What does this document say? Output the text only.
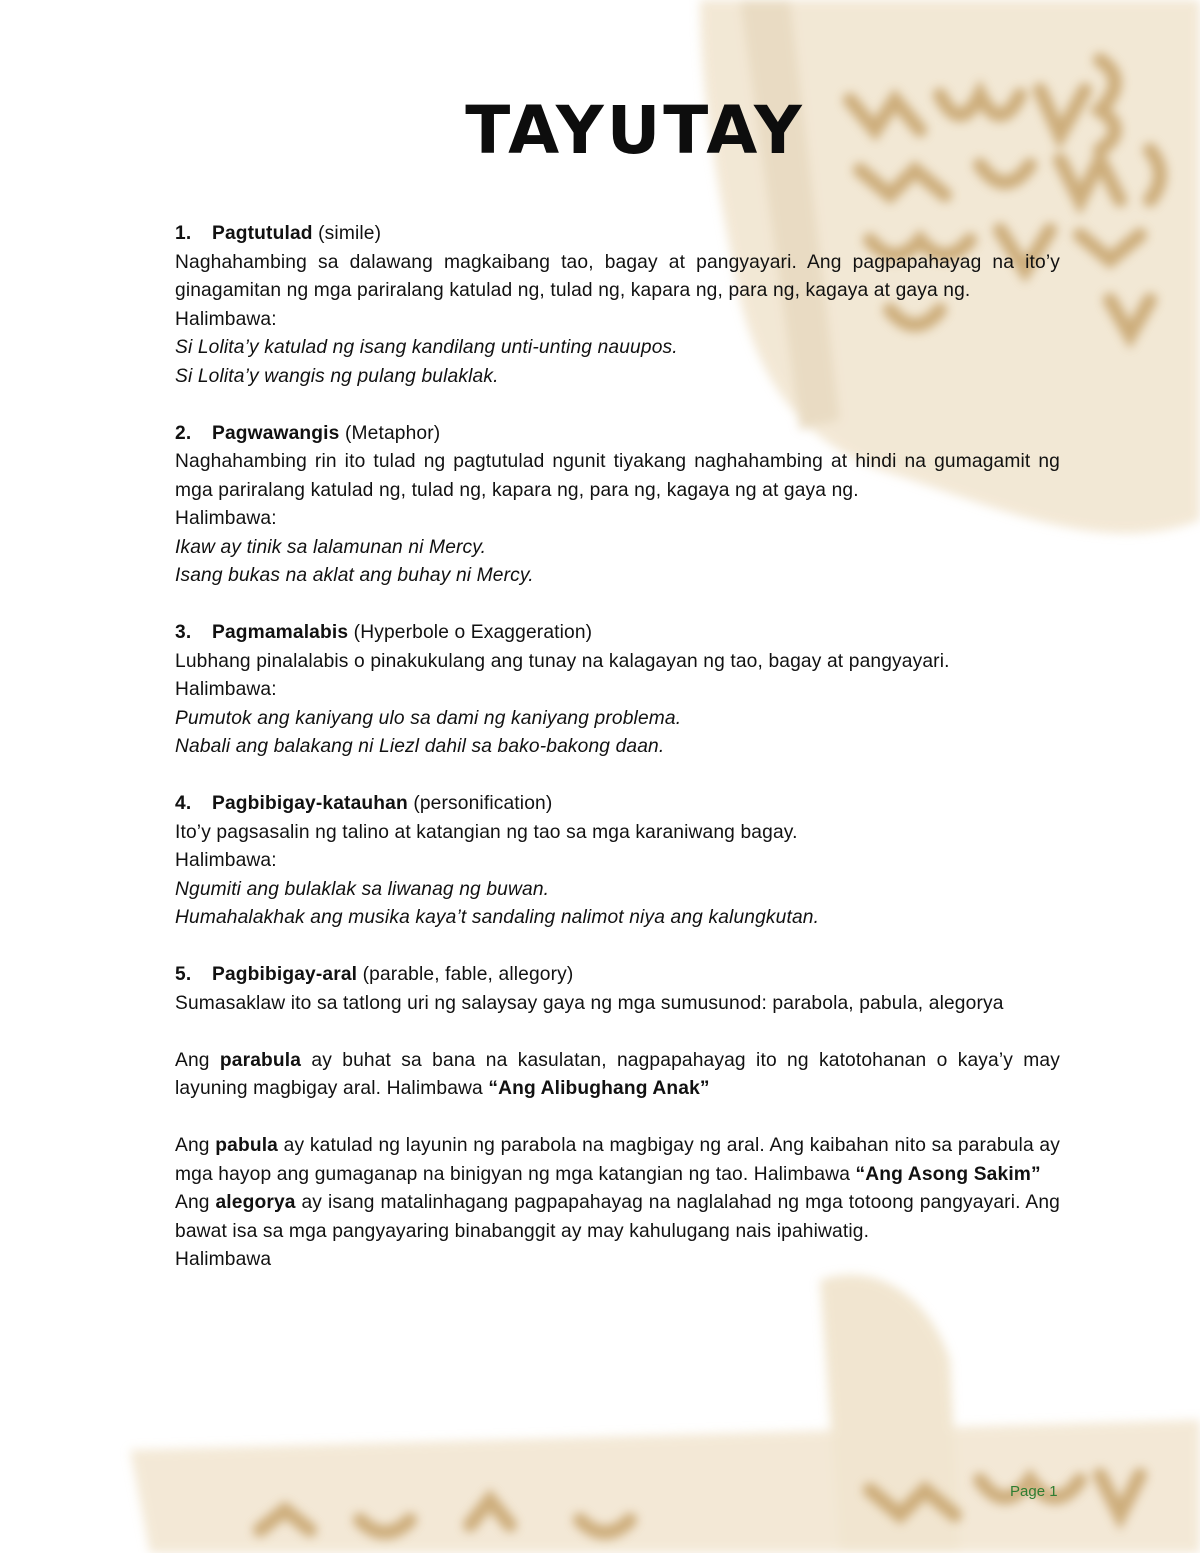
TAYUTAY

1. Pagtutulad (simile)

Naghahambing sa dalawang magkaibang tao, bagay at pangyayari. Ang pagpapahayag na ito’y ginagamitan ng mga pariralang katulad ng, tulad ng, kapara ng, para ng, kagaya at gaya ng.

Halimbawa:

Si Lolita’y katulad ng isang kandilang unti-unting nauupos.

Si Lolita’y wangis ng pulang bulaklak.

2. Pagwawangis (Metaphor)

Naghahambing rin ito tulad ng pagtutulad ngunit tiyakang naghahambing at hindi na gumagamit ng mga pariralang katulad ng, tulad ng, kapara ng, para ng, kagaya ng at gaya ng.

Halimbawa:

Ikaw ay tinik sa lalamunan ni Mercy.

Isang bukas na aklat ang buhay ni Mercy.

3. Pagmamalabis (Hyperbole o Exaggeration)

Lubhang pinalalabis o pinakukulang ang tunay na kalagayan ng tao, bagay at pangyayari.

Halimbawa:

Pumutok ang kaniyang ulo sa dami ng kaniyang problema.

Nabali ang balakang ni Liezl dahil sa bako-bakong daan.

4. Pagbibigay-katauhan (personification)

Ito’y pagsasalin ng talino at katangian ng tao sa mga karaniwang bagay.

Halimbawa:

Ngumiti ang bulaklak sa liwanag ng buwan.

Humahalakhak ang musika kaya’t sandaling nalimot niya ang kalungkutan.

5. Pagbibigay-aral (parable, fable, allegory)

Sumasaklaw ito sa tatlong uri ng salaysay gaya ng mga sumusunod: parabola, pabula, alegorya

Ang parabula ay buhat sa bana na kasulatan, nagpapahayag ito ng katotohanan o kaya’y may layuning magbigay aral. Halimbawa “Ang Alibughang Anak”

Ang pabula ay katulad ng layunin ng parabola na magbigay ng aral. Ang kaibahan nito sa parabula ay mga hayop ang gumaganap na binigyan ng mga katangian ng tao. Halimbawa “Ang Asong Sakim”

Ang alegorya ay isang matalinhagang pagpapahayag na naglalahad ng mga totoong pangyayari. Ang bawat isa sa mga pangyayaring binabanggit ay may kahulugang nais ipahiwatig.

Halimbawa

Page 1
